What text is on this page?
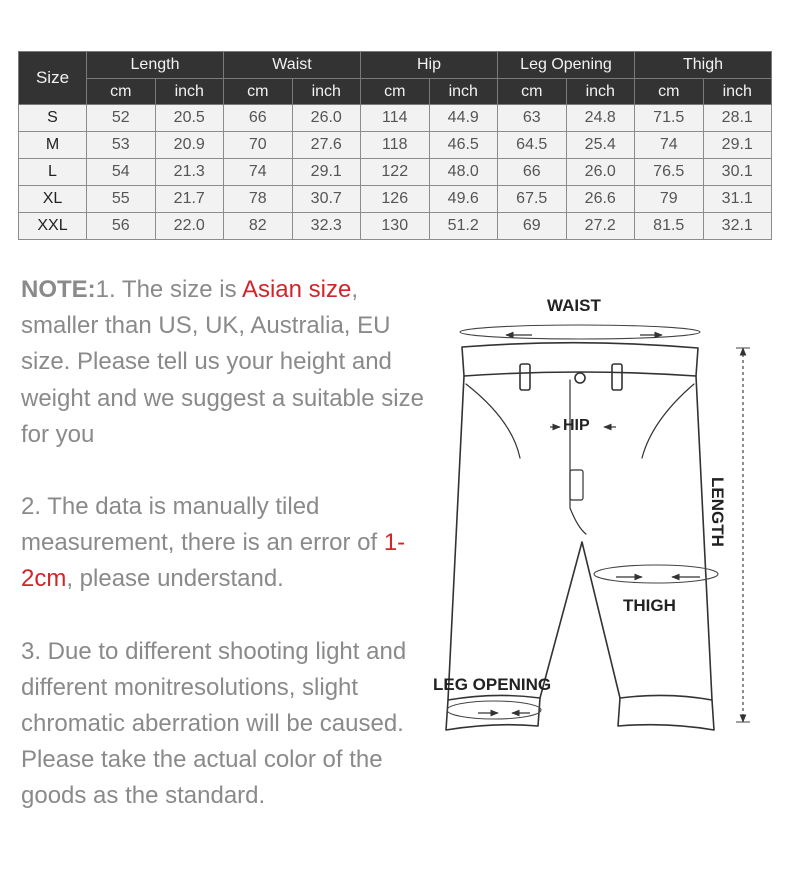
Size	Length		Waist		Hip		Leg Opening		Thigh	
	cm	inch	cm	inch	cm	inch	cm	inch	cm	inch
S	52	20.5	66	26.0	114	44.9	63	24.8	71.5	28.1
M	53	20.9	70	27.6	118	46.5	64.5	25.4	74	29.1
L	54	21.3	74	29.1	122	48.0	66	26.0	76.5	30.1
XL	55	21.7	78	30.7	126	49.6	67.5	26.6	79	31.1
XXL	56	22.0	82	32.3	130	51.2	69	27.2	81.5	32.1

NOTE:1. The size is Asian size, smaller than US, UK, Australia, EU size. Please tell us your height and weight and we suggest a suitable size for you

2. The data is manually tiled measurement, there is an error of 1-2cm, please understand.

3. Due to different shooting light and different monitresolutions, slight chromatic aberration will be caused. Please take the actual color of the goods as the standard.

WAIST
HIP
THIGH
LEG OPENING
LENGTH
